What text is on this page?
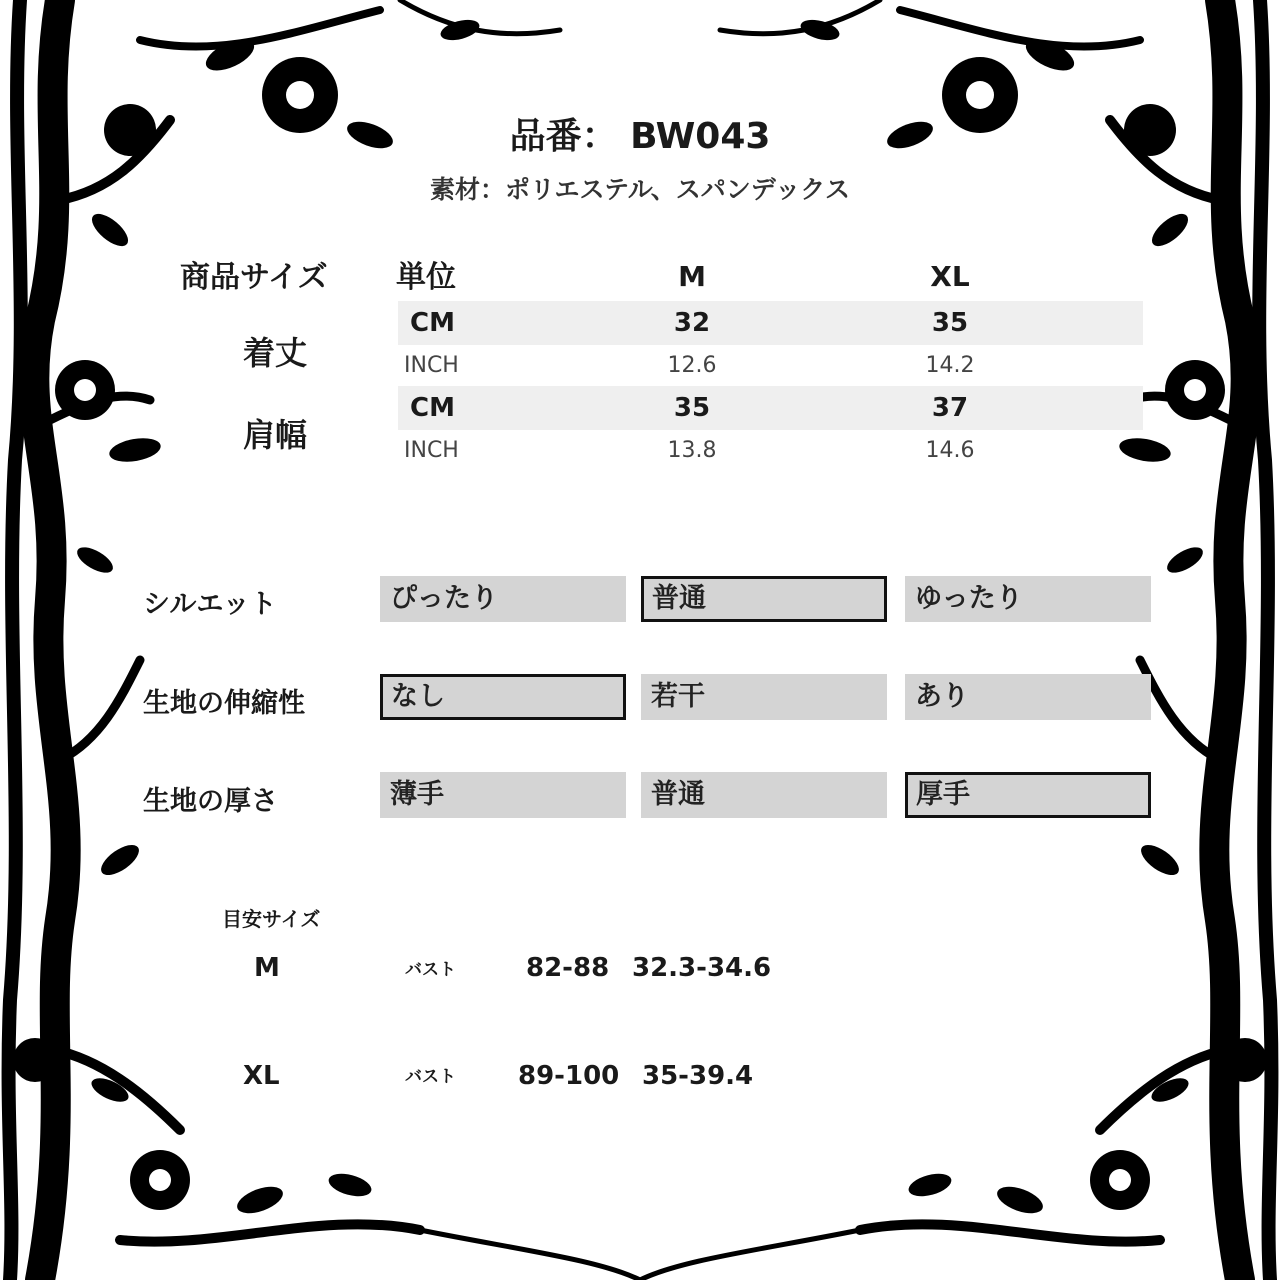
品番： BW043
素材：ポリエステル、スパンデックス
商品サイズ 単位	M	XL
着丈
CM	32	35
INCH	12.6	14.2
肩幅
CM	35	37
INCH	13.8	14.6
シルエット	ぴったり	普通	ゆったり
生地の伸縮性	なし	若干	あり
生地の厚さ	薄手	普通	厚手
目安サイズ
M	バスト	82-88 32.3-34.6
XL	バスト 89-100 35-39.4
